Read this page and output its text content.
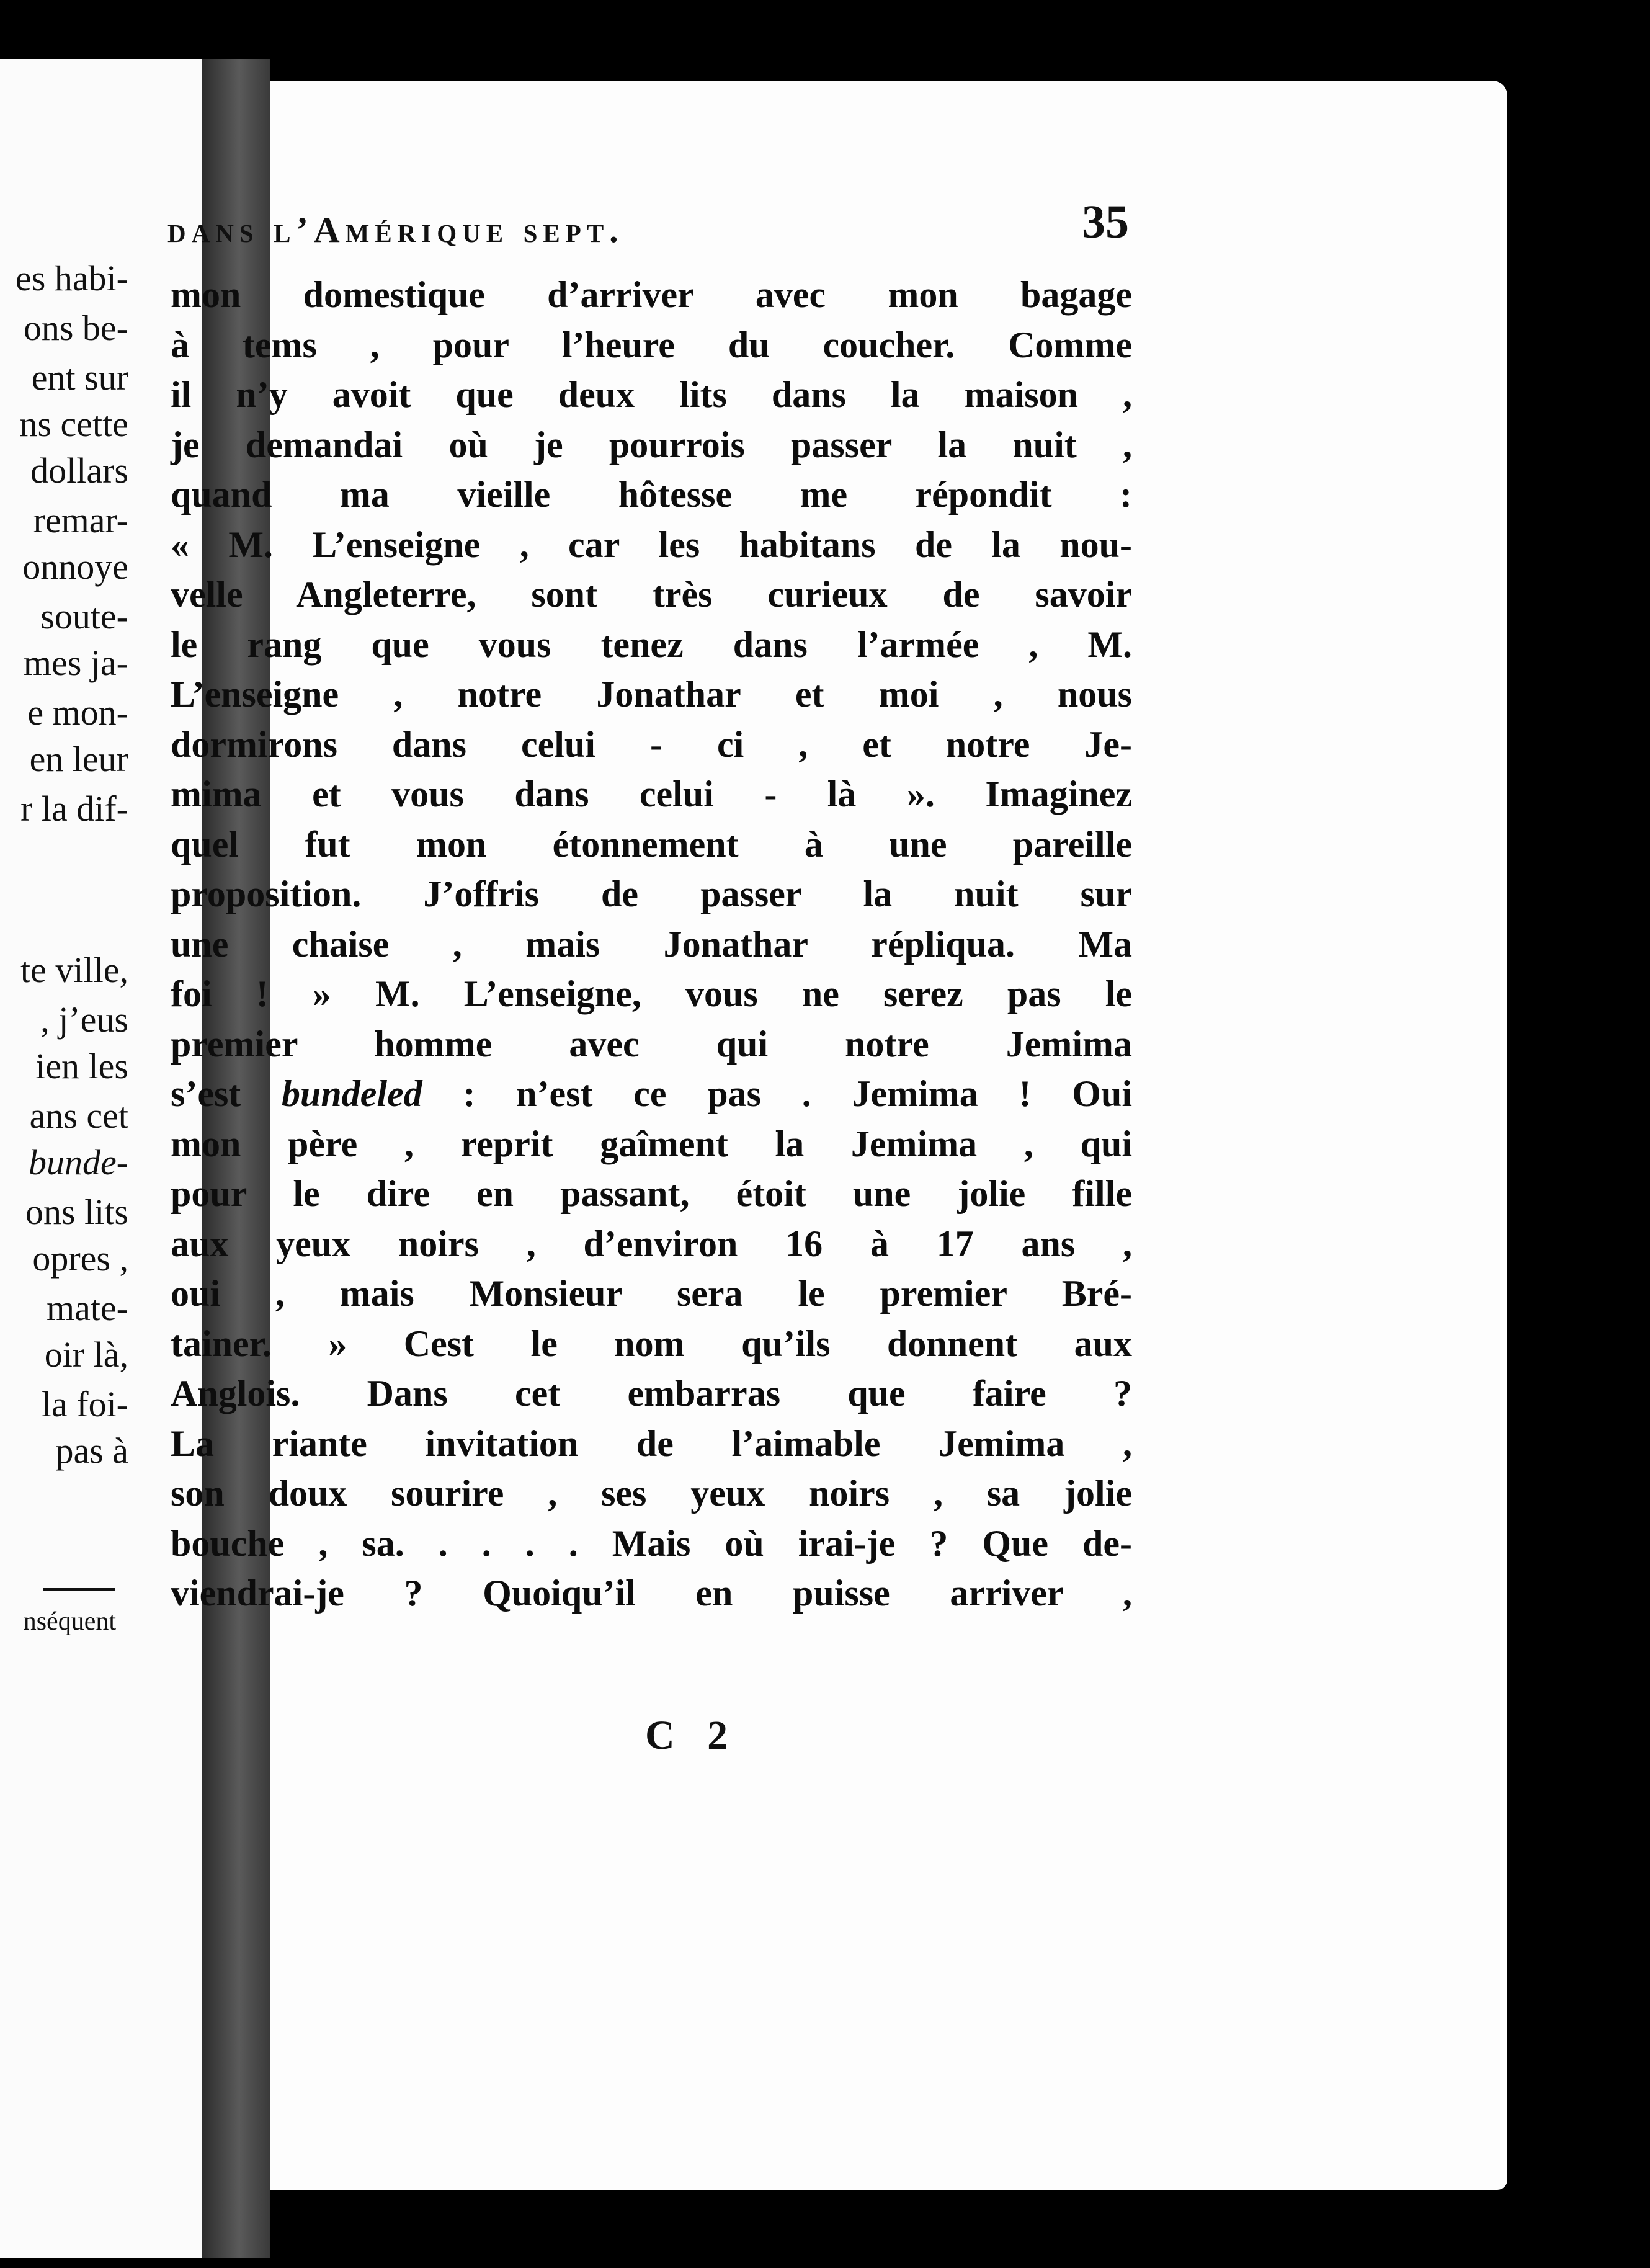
es habi-
ons be-
ent sur
ns cette
dollars
remar-
onnoye
soute-
mes ja-
e mon-
en leur
r la dif-
te ville,
, j’eus
ien les
ans cet
bunde-
ons lits
opres ,
mate-
oir là,
la foi-
pas à
nséquent
dans l’Amérique sept.	35
mon domestique d’arriver avec mon bagage
à tems , pour l’heure du coucher. Comme
il n’y avoit que deux lits dans la maison ,
je demandai où je pourrois passer la nuit ,
quand ma vieille hôtesse me répondit :
« M. L’enseigne , car les habitans de la nou-
velle Angleterre, sont très curieux de savoir
le rang que vous tenez dans l’armée , M.
L’enseigne , notre Jonathar et moi , nous
dormirons dans celui - ci , et notre Je-
mima et vous dans celui - là ». Imaginez
quel fut mon étonnement à une pareille
proposition. J’offris de passer la nuit sur
une chaise , mais Jonathar répliqua. Ma
foi ! » M. L’enseigne, vous ne serez pas le
premier homme avec qui notre Jemima
s’est bundeled : n’est ce pas . Jemima ! Oui
mon père , reprit gaîment la Jemima , qui
pour le dire en passant, étoit une jolie fille
aux yeux noirs , d’environ 16 à 17 ans ,
oui , mais Monsieur sera le premier Bré-
tainer. » Cest le nom qu’ils donnent aux
Anglois. Dans cet embarras que faire ?
La riante invitation de l’aimable Jemima ,
son doux sourire , ses yeux noirs , sa jolie
bouche , sa. . . . . Mais où irai-je ? Que de-
viendrai-je ? Quoiqu’il en puisse arriver ,
C 2
